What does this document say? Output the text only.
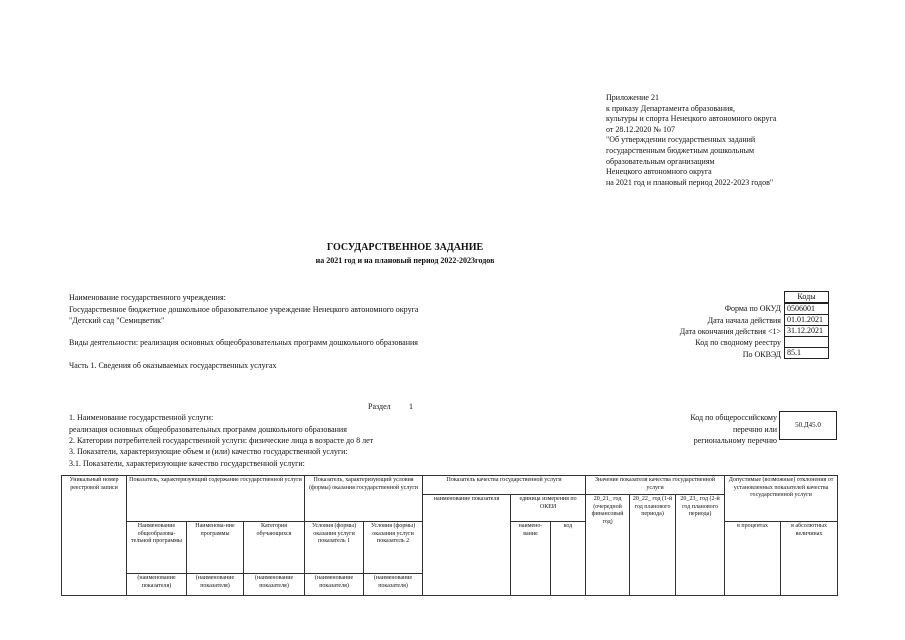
Приложение 21
к приказу Департамента образования,
культуры и спорта Ненецкого автономного округа
от 28.12.2020 № 107
"Об утверждении государственных заданий
государственным бюджетным дошкольным
образовательным организациям
Ненецкого автономного округа
на 2021 год и плановый период 2022-2023 годов"
ГОСУДАРСТВЕННОЕ ЗАДАНИЕ
на 2021 год и на плановый период 2022-2023годов
Наименование государственного учреждения:
Государственное бюджетное дошкольное образовательное учреждение Ненецкого автономного округа
"Детский сад "Семицветик"
Виды деятельности: реализация основных общеобразовательных программ дошкольного образования
Часть 1. Сведения об оказываемых государственных услугах
Коды
Форма по ОКУД 0506001
Дата начала действия 01.01.2021
Дата окончания действия <1> 31.12.2021
Код по сводному реестру
По ОКВЭД 85.1
Раздел 1
1. Наименование государственной услуги:
реализация основных общеобразовательных программ дошкольного образования
2. Категории потребителей государственной услуги: физические лица в возрасте до 8 лет
3. Показатели, характеризующие объем и (или) качество государственной услуги:
3.1. Показатели, характеризующие качество государственной услуги:
Код по общероссийскому
перечню или
региональному перечню
50.Д45.0
Уникальный номер реестровой записи	Показатель, характеризующий содержание государственной услуги			Показатель, характеризующий условия (формы) оказания государственной услуги		Показатель качества государственной услуги			Значение показателя качества государственной услуги			Допустимые (возможные) отклонения от установленных показателей качества государственной услуги	
						наименование показателя	единица измерения по ОКЕИ		20_21_ год (очередной финансовый год)	20_22_ год (1-й год планового периода)	20_23_ год (2-й год планового периода)		
	Наименование общеобразова-тельной программы	Наименова-ние программы	Категория обучающихся	Условия (формы) оказания услуги показатель 1	Условия (формы) оказания услуги показатель 2		наимено-вание	код				в процентах	в абсолютных величинах
	(наименование показателя)	(наименование показателя)	(наименование показателя)	(наименование показателя)	(наименование показателя)								
